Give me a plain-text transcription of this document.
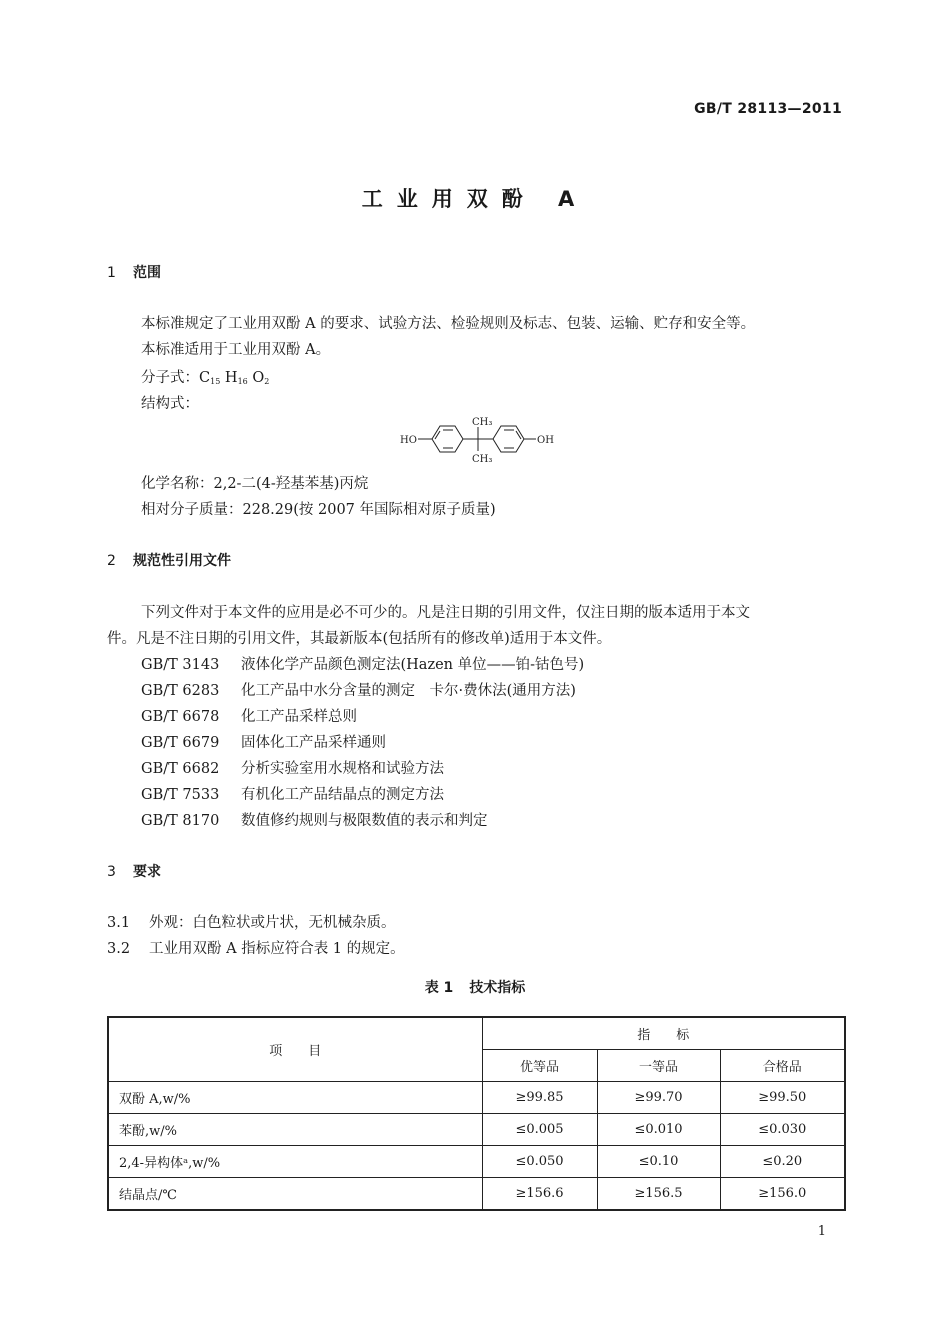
GB/T 28113—2011
工业用双酚 A
1 范围
本标准规定了工业用双酚 A 的要求、试验方法、检验规则及标志、包装、运输、贮存和安全等。
本标准适用于工业用双酚 A。
分子式：$C_{15}$ $H_{16}$ $O_2$
结构式：
HO	OH
CH₃
CH₃
化学名称：2,2-二(4-羟基苯基)丙烷
相对分子质量：228.29(按 2007 年国际相对原子质量)
2 规范性引用文件
下列文件对于本文件的应用是必不可少的。凡是注日期的引用文件，仅注日期的版本适用于本文
件。凡是不注日期的引用文件，其最新版本(包括所有的修改单)适用于本文件。
GB/T 3143 液体化学产品颜色测定法(Hazen 单位——铂-钴色号)
GB/T 6283 化工产品中水分含量的测定　卡尔·费休法(通用方法)
GB/T 6678 化工产品采样总则
GB/T 6679 固体化工产品采样通则
GB/T 6682 分析实验室用水规格和试验方法
GB/T 7533 有机化工产品结晶点的测定方法
GB/T 8170 数值修约规则与极限数值的表示和判定
3 要求
3.1 外观：白色粒状或片状，无机械杂质。
3.2 工业用双酚 A 指标应符合表 1 的规定。
表 1 技术指标
项　　目	指　　标		
	优等品	一等品	合格品
双酚 A,w/%	≥99.85	≥99.70	≥99.50
苯酚,w/%	≤0.005	≤0.010	≤0.030
2,4-异构体ᵃ,w/%	≤0.050	≤0.10	≤0.20
结晶点/℃	≥156.6	≥156.5	≥156.0
1
